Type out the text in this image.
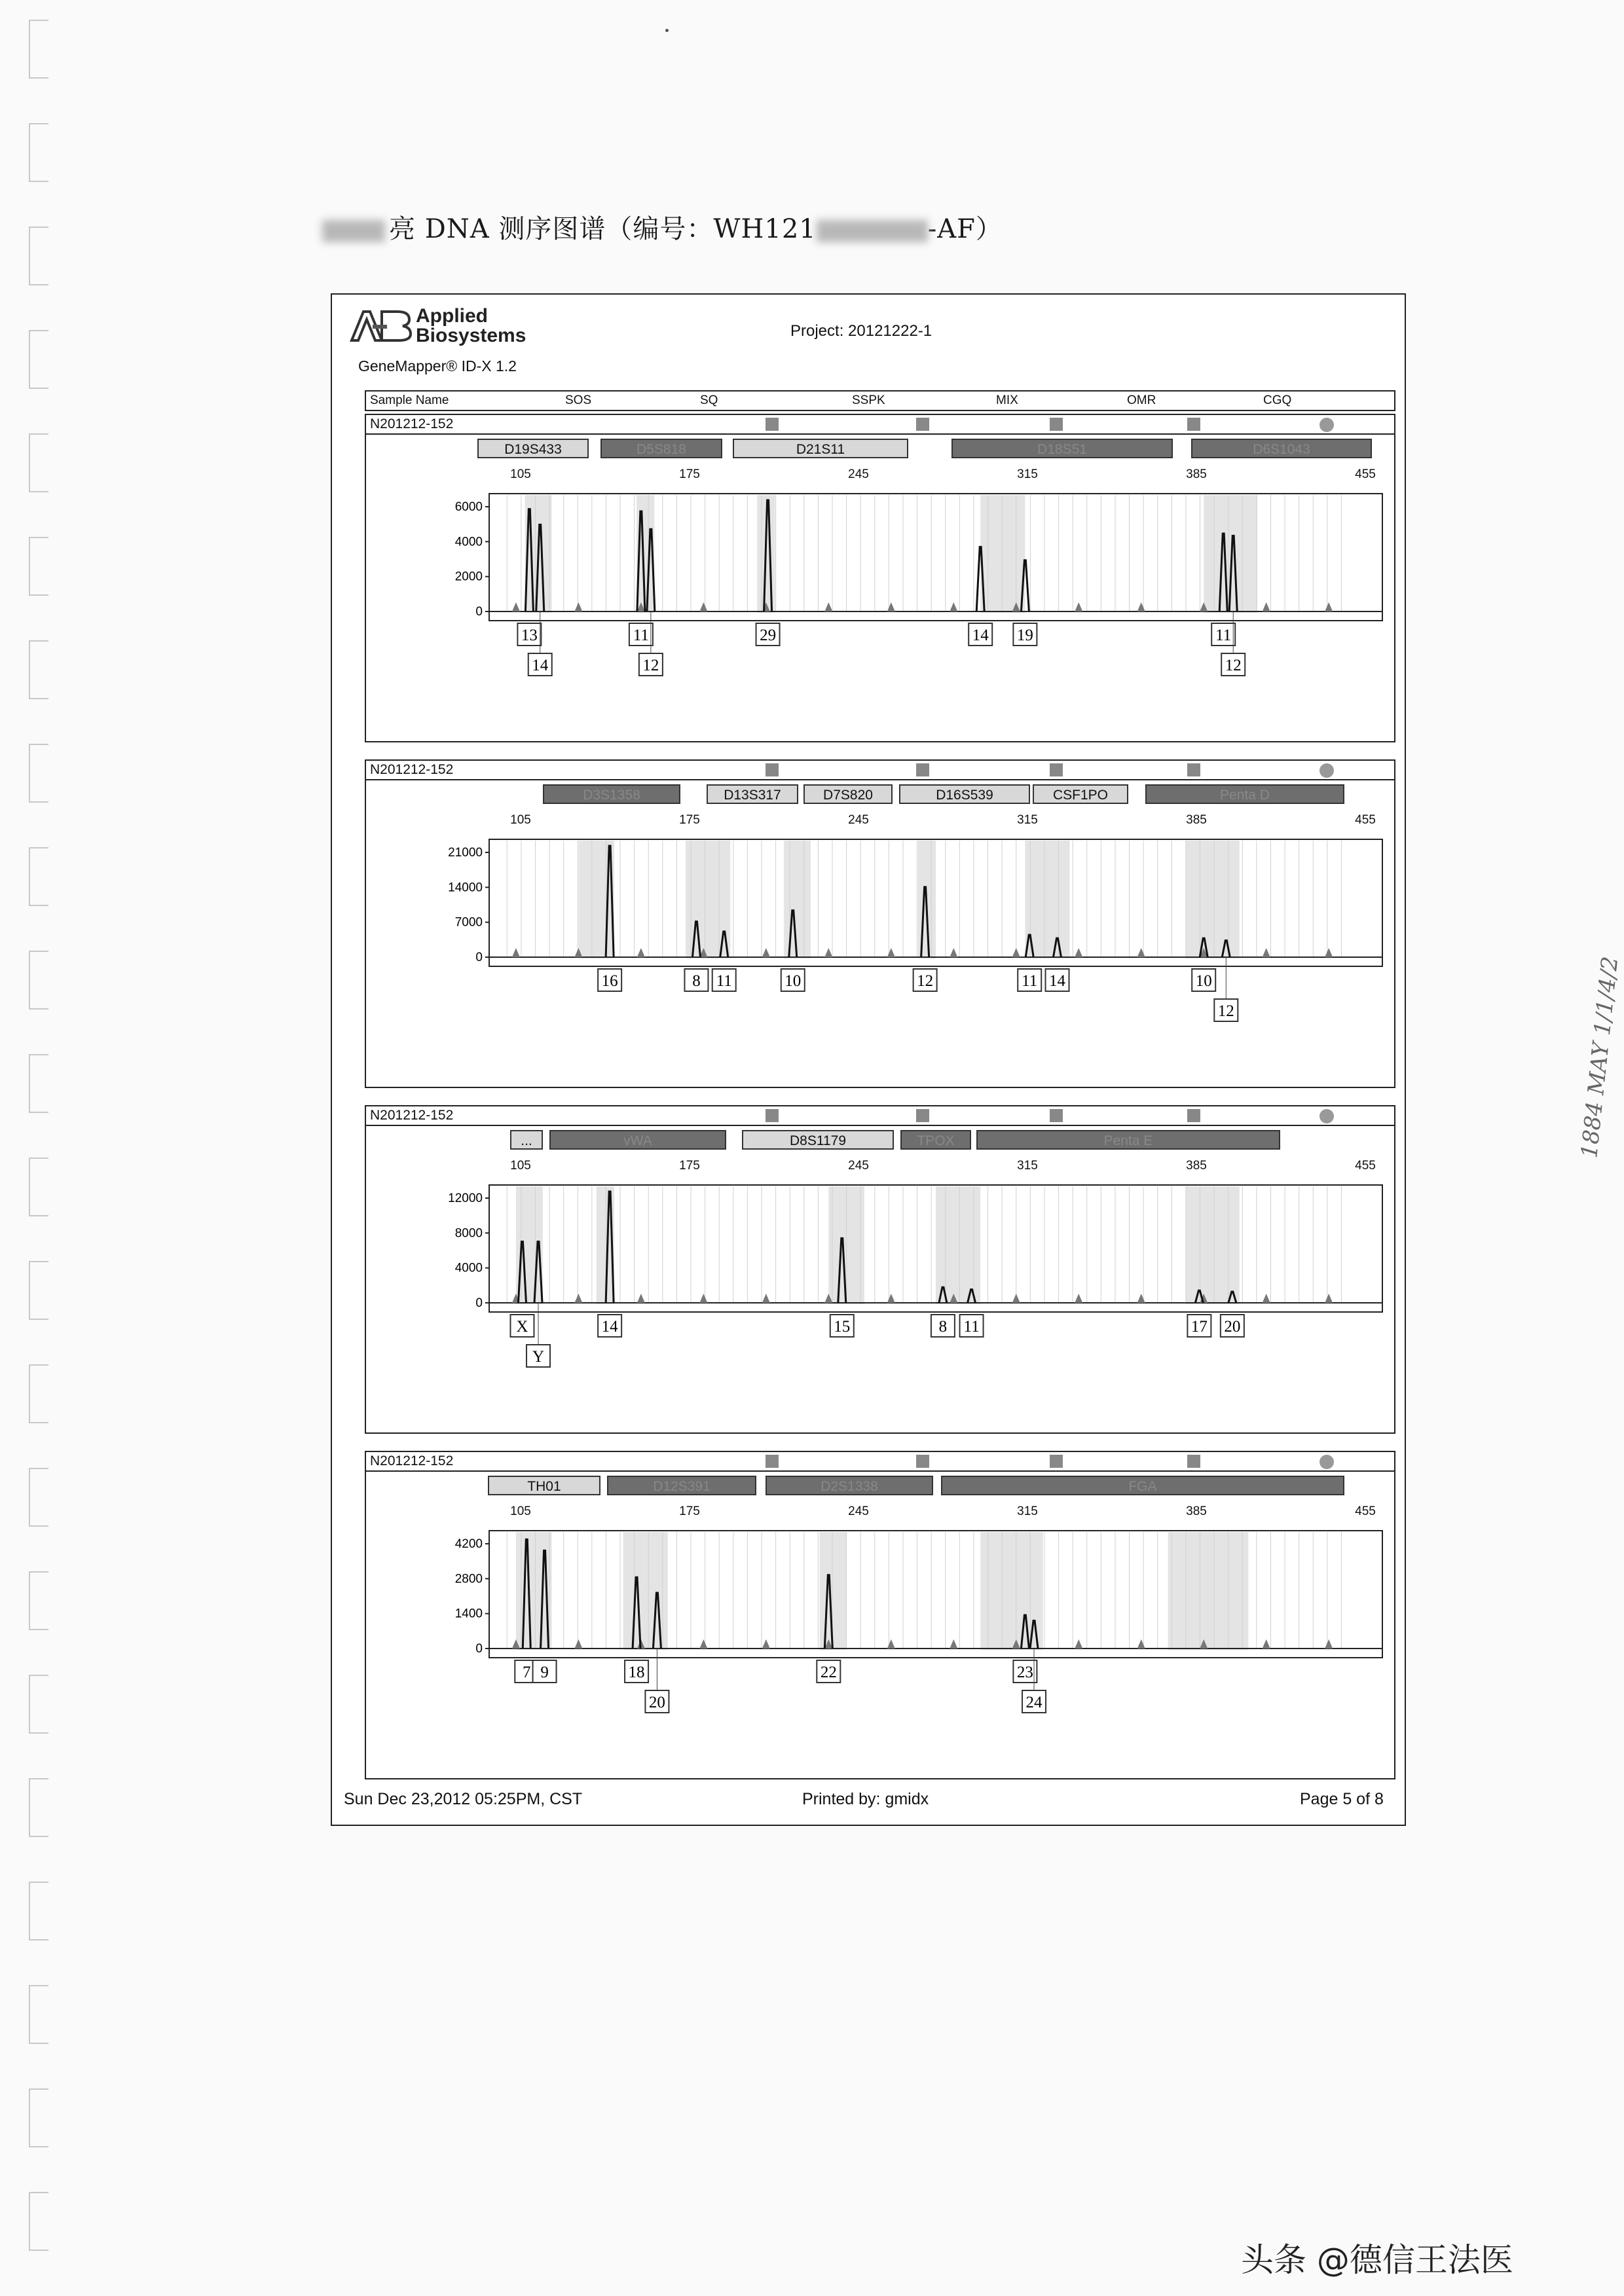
亮 DNA 测序图谱（编号：WH121	-AF）
Applied
Biosystems
GeneMapper® ID-X 1.2
Project: 20121222-1
Sample Name	SOS	SQ	SSPK	MIX	OMR	CGQ
N201212-152
D19S433	D5S818	D21S11	D18S51	D6S1043
105	175	245	315	385	455
6000
4000
2000
0
13
14
11
12
29	14 19	11
12
N201212-152
D3S1358	D13S317	D7S820	D16S539	CSF1PO	Penta D
105	175	245	315	385	455
21000
14000
7000
0
16	8 11	10	12	11 14	10
12
N201212-152
...	vWA	D8S1179	TPOX	Penta E
105	175	245	315	385	455
12000
8000
4000
0
X
Y
14	15	8 11	17 20
N201212-152
TH01	D12S391	D2S1338	FGA
105	175	245	315	385	455
4200
2800
1400
0
7 9	18
20
22	23
24
Sun Dec 23,2012 05:25PM, CST	Printed by: gmidx	Page 5 of 8
1884 MAY 1/1/4/2
头条 @德信王法医
